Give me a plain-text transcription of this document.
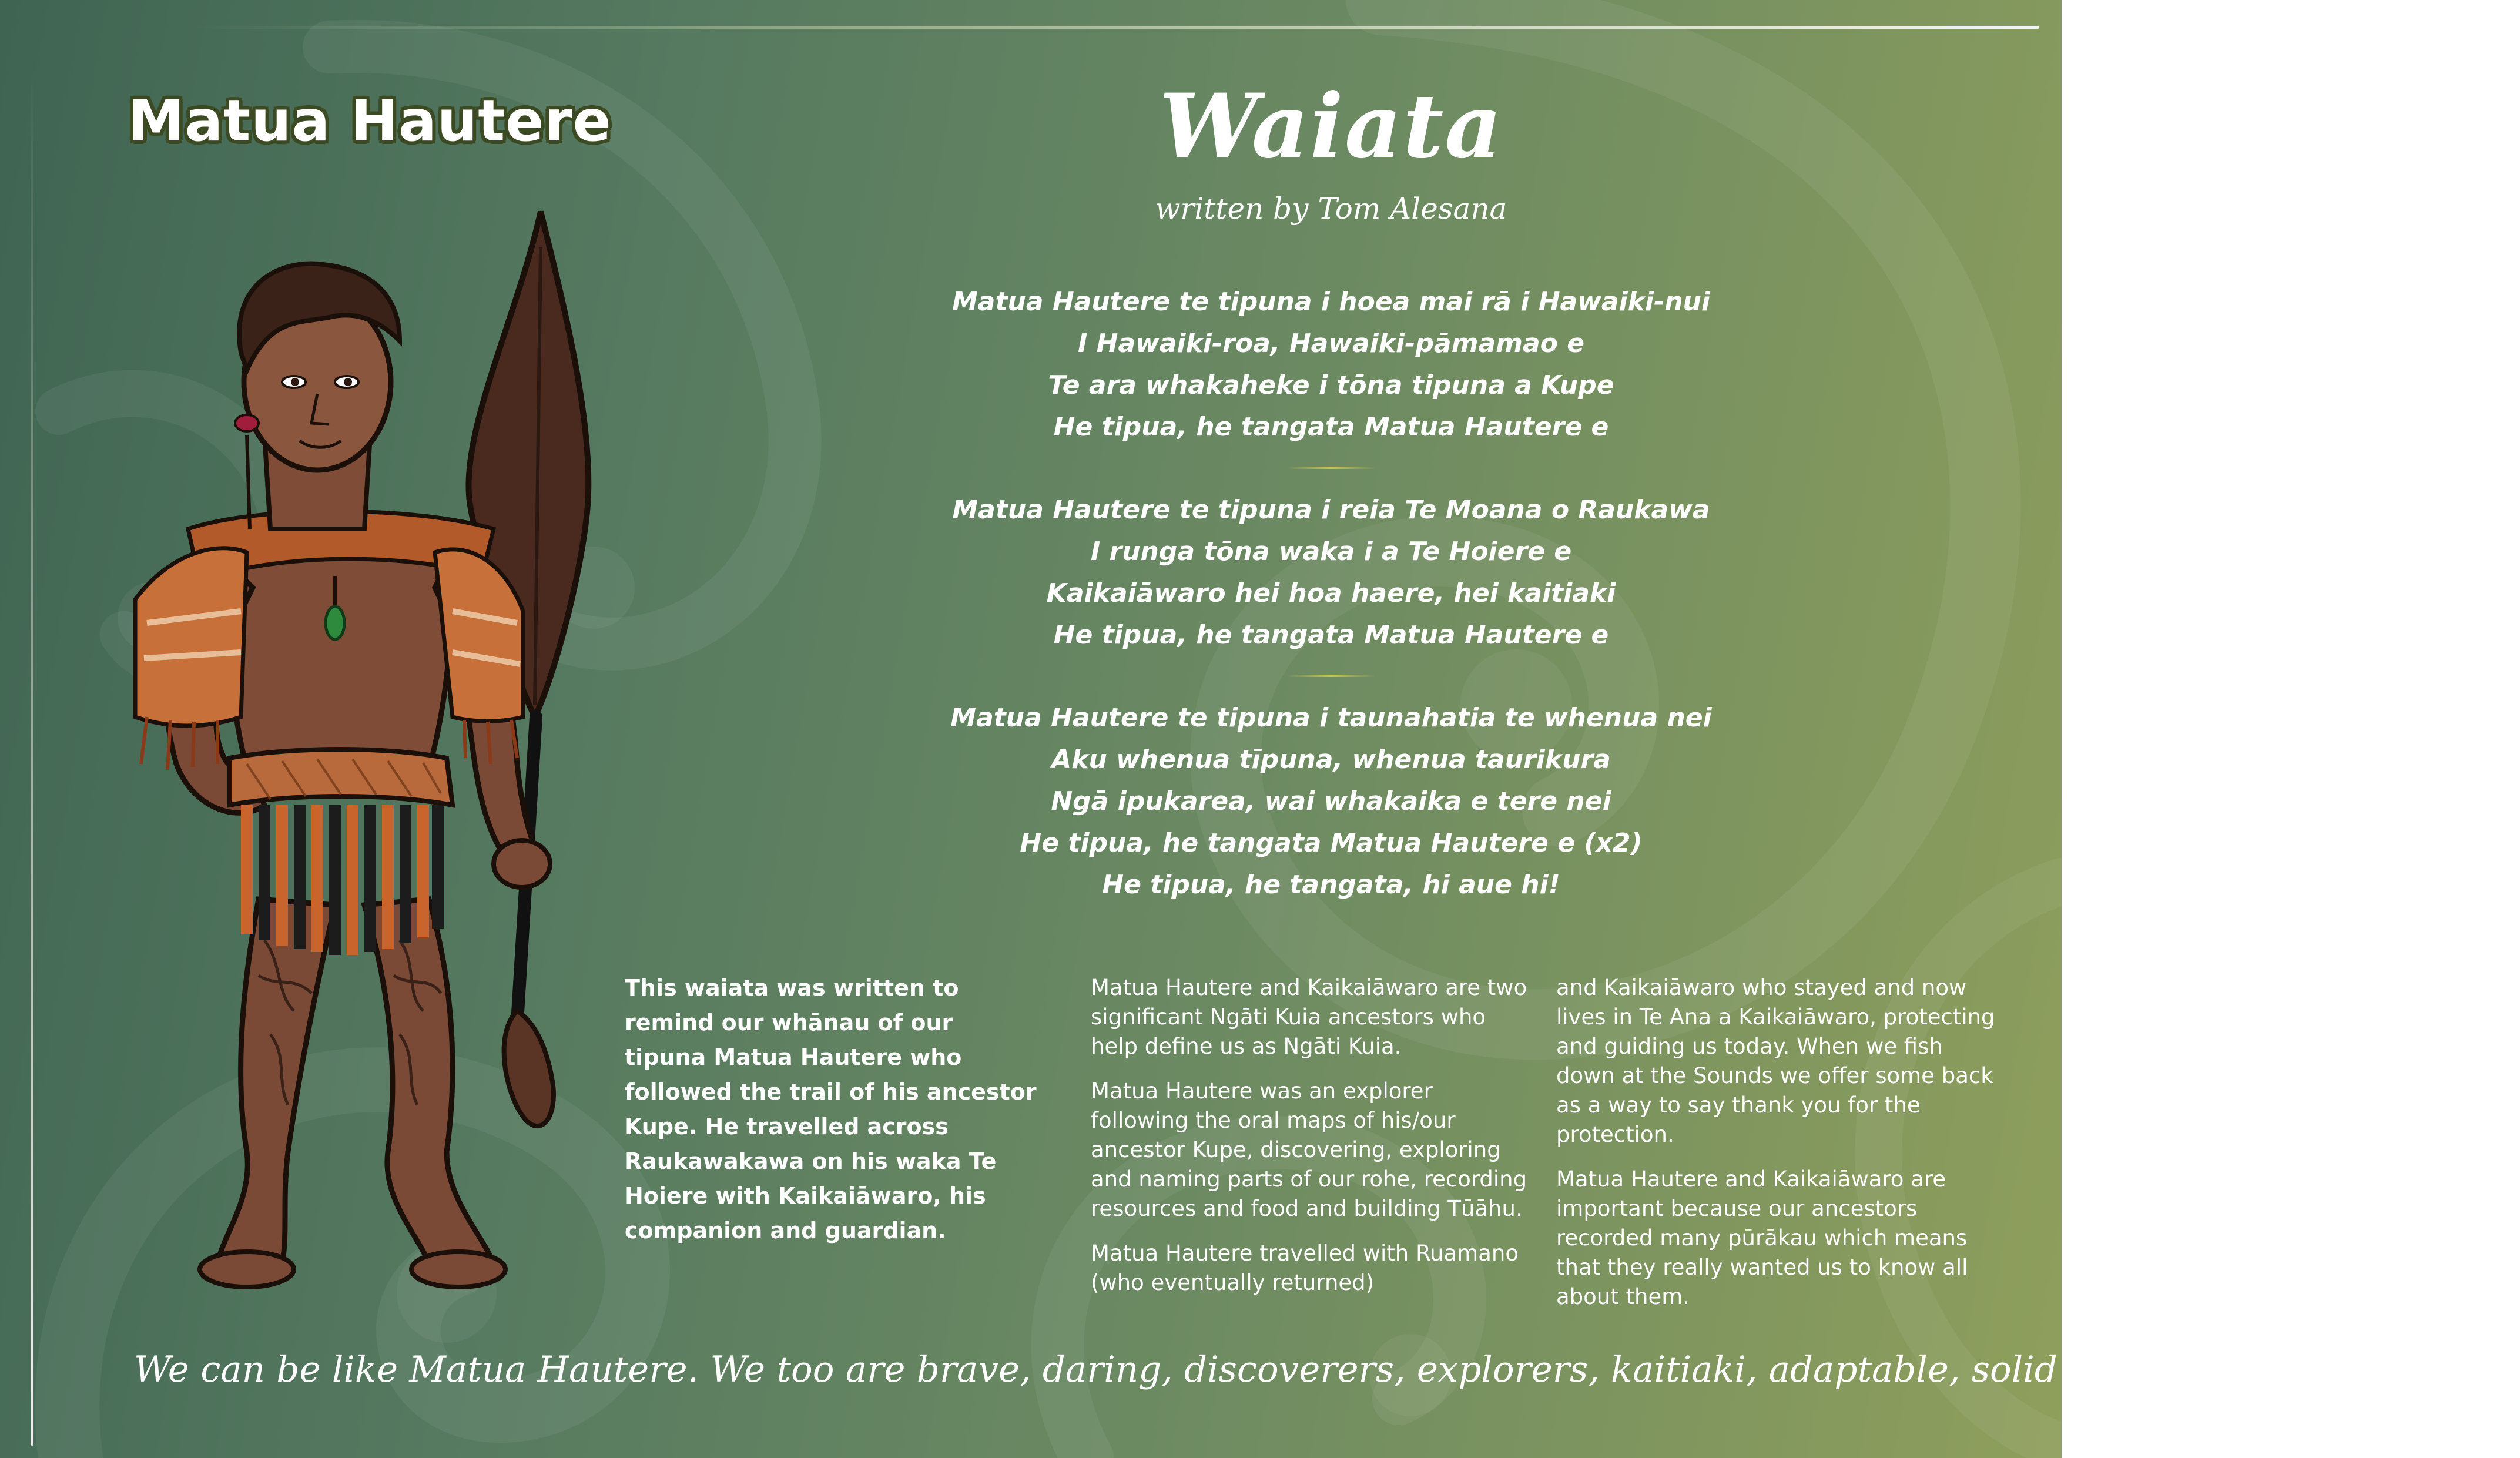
Matua Hautere	Waiata
written by Tom Alesana
Matua Hautere te tipuna i hoea mai rā i Hawaiki-nui
I Hawaiki-roa, Hawaiki-pāmamao e
Te ara whakaheke i tōna tipuna a Kupe
He tipua, he tangata Matua Hautere e
Matua Hautere te tipuna i reia Te Moana o Raukawa
I runga tōna waka i a Te Hoiere e
Kaikaiāwaro hei hoa haere, hei kaitiaki
He tipua, he tangata Matua Hautere e
Matua Hautere te tipuna i taunahatia te whenua nei
Aku whenua tīpuna, whenua taurikura
Ngā ipukarea, wai whakaika e tere nei
He tipua, he tangata Matua Hautere e (x2)
He tipua, he tangata, hi aue hi!

This waiata was written to remind our whānau of our tipuna Matua Hautere who followed the trail of his ancestor Kupe. He travelled across Raukawakawa on his waka Te Hoiere with Kaikaiāwaro, his companion and guardian.

Matua Hautere and Kaikaiāwaro are two significant Ngāti Kuia ancestors who help define us as Ngāti Kuia.

Matua Hautere was an explorer following the oral maps of his/our ancestor Kupe, discovering, exploring and naming parts of our rohe, recording resources and food and building Tūāhu.

Matua Hautere travelled with Ruamano (who eventually returned)

and Kaikaiāwaro who stayed and now lives in Te Ana a Kaikaiāwaro, protecting and guiding us today. When we fish down at the Sounds we offer some back as a way to say thank you for the protection.

Matua Hautere and Kaikaiāwaro are important because our ancestors recorded many pūrākau which means that they really wanted us to know all about them.

We can be like Matua Hautere. We too are brave, daring, discoverers, explorers, kaitiaki, adaptable, solid in who we are as people.
